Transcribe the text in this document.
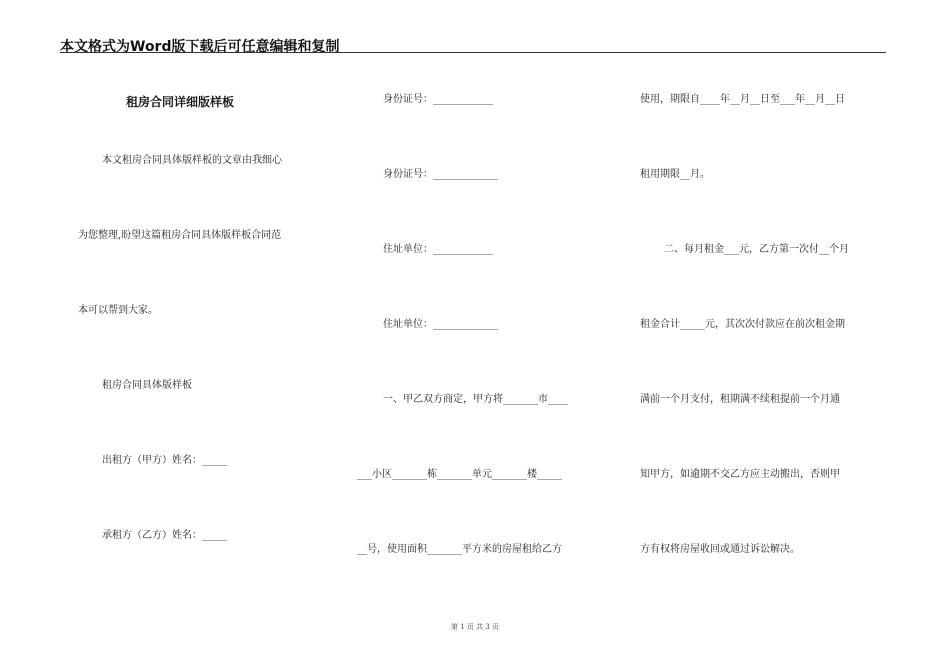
本文格式为Word版下载后可任意编辑和复制
租房合同详细版样板
本文租房合同具体版样板的文章由我细心
为您整理,盼望这篇租房合同具体版样板合同范
本可以帮到大家。
租房合同具体版样板
出租方（甲方）姓名：_____
承租方（乙方）姓名：_____
身份证号：____________
身份证号：_____________
住址单位：____________
住址单位：_____________
一、甲乙双方商定，甲方将_______市____
___小区_______栋_______单元_______楼_____
__号，使用面积_______平方米的房屋租给乙方
使用，期限自____年__月__日至___年__月__日
租用期限__月。
二、每月租金___元，乙方第一次付__个月
租金合计_____元，其次次付款应在前次租金期
满前一个月支付，租期满不续租提前一个月通
知甲方，如逾期不交乙方应主动搬出，否则甲
方有权将房屋收回或通过诉讼解决。
第 1 页 共 3 页
